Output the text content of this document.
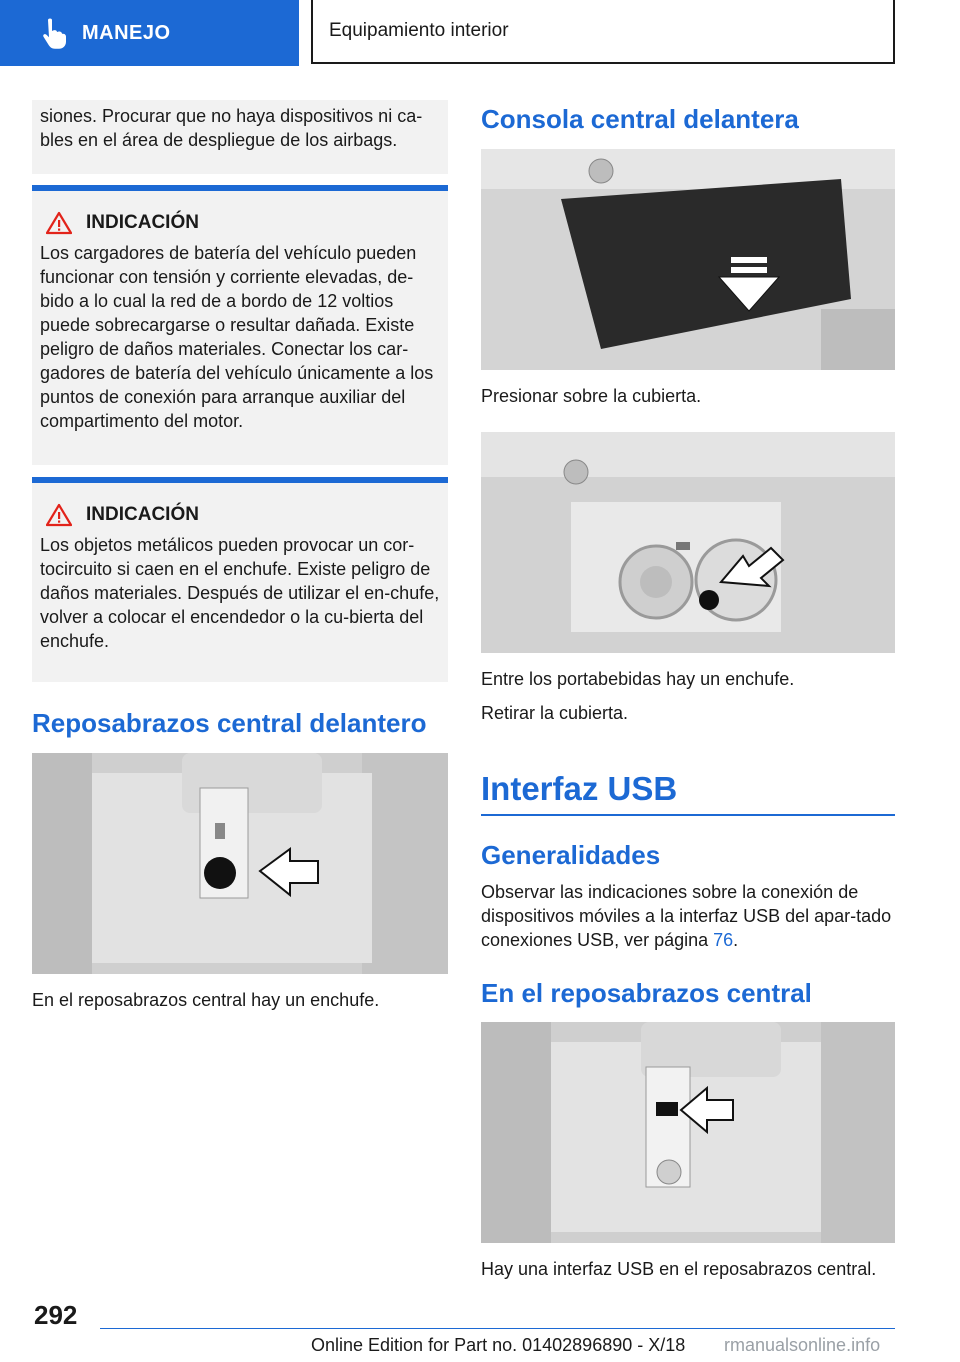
MANEJO	Equipamiento interior
siones. Procurar que no haya dispositivos ni ca-bles en el área de despliegue de los airbags.
INDICACIÓN
Los cargadores de batería del vehículo pueden funcionar con tensión y corriente elevadas, de-bido a lo cual la red de a bordo de 12 voltios puede sobrecargarse o resultar dañada. Existe peligro de daños materiales. Conectar los car-gadores de batería del vehículo únicamente a los puntos de conexión para arranque auxiliar del compartimento del motor.
INDICACIÓN
Los objetos metálicos pueden provocar un cor-tocircuito si caen en el enchufe. Existe peligro de daños materiales. Después de utilizar el en-chufe, volver a colocar el encendedor o la cu-bierta del enchufe.
Reposabrazos central delantero
En el reposabrazos central hay un enchufe.
Consola central delantera
Presionar sobre la cubierta.
Entre los portabebidas hay un enchufe.
Retirar la cubierta.
Interfaz USB
Generalidades
Observar las indicaciones sobre la conexión de dispositivos móviles a la interfaz USB del apar-tado conexiones USB, ver página 76.
En el reposabrazos central
Hay una interfaz USB en el reposabrazos central.
292
Online Edition for Part no. 01402896890 - X/18 rmanualsonline.info
